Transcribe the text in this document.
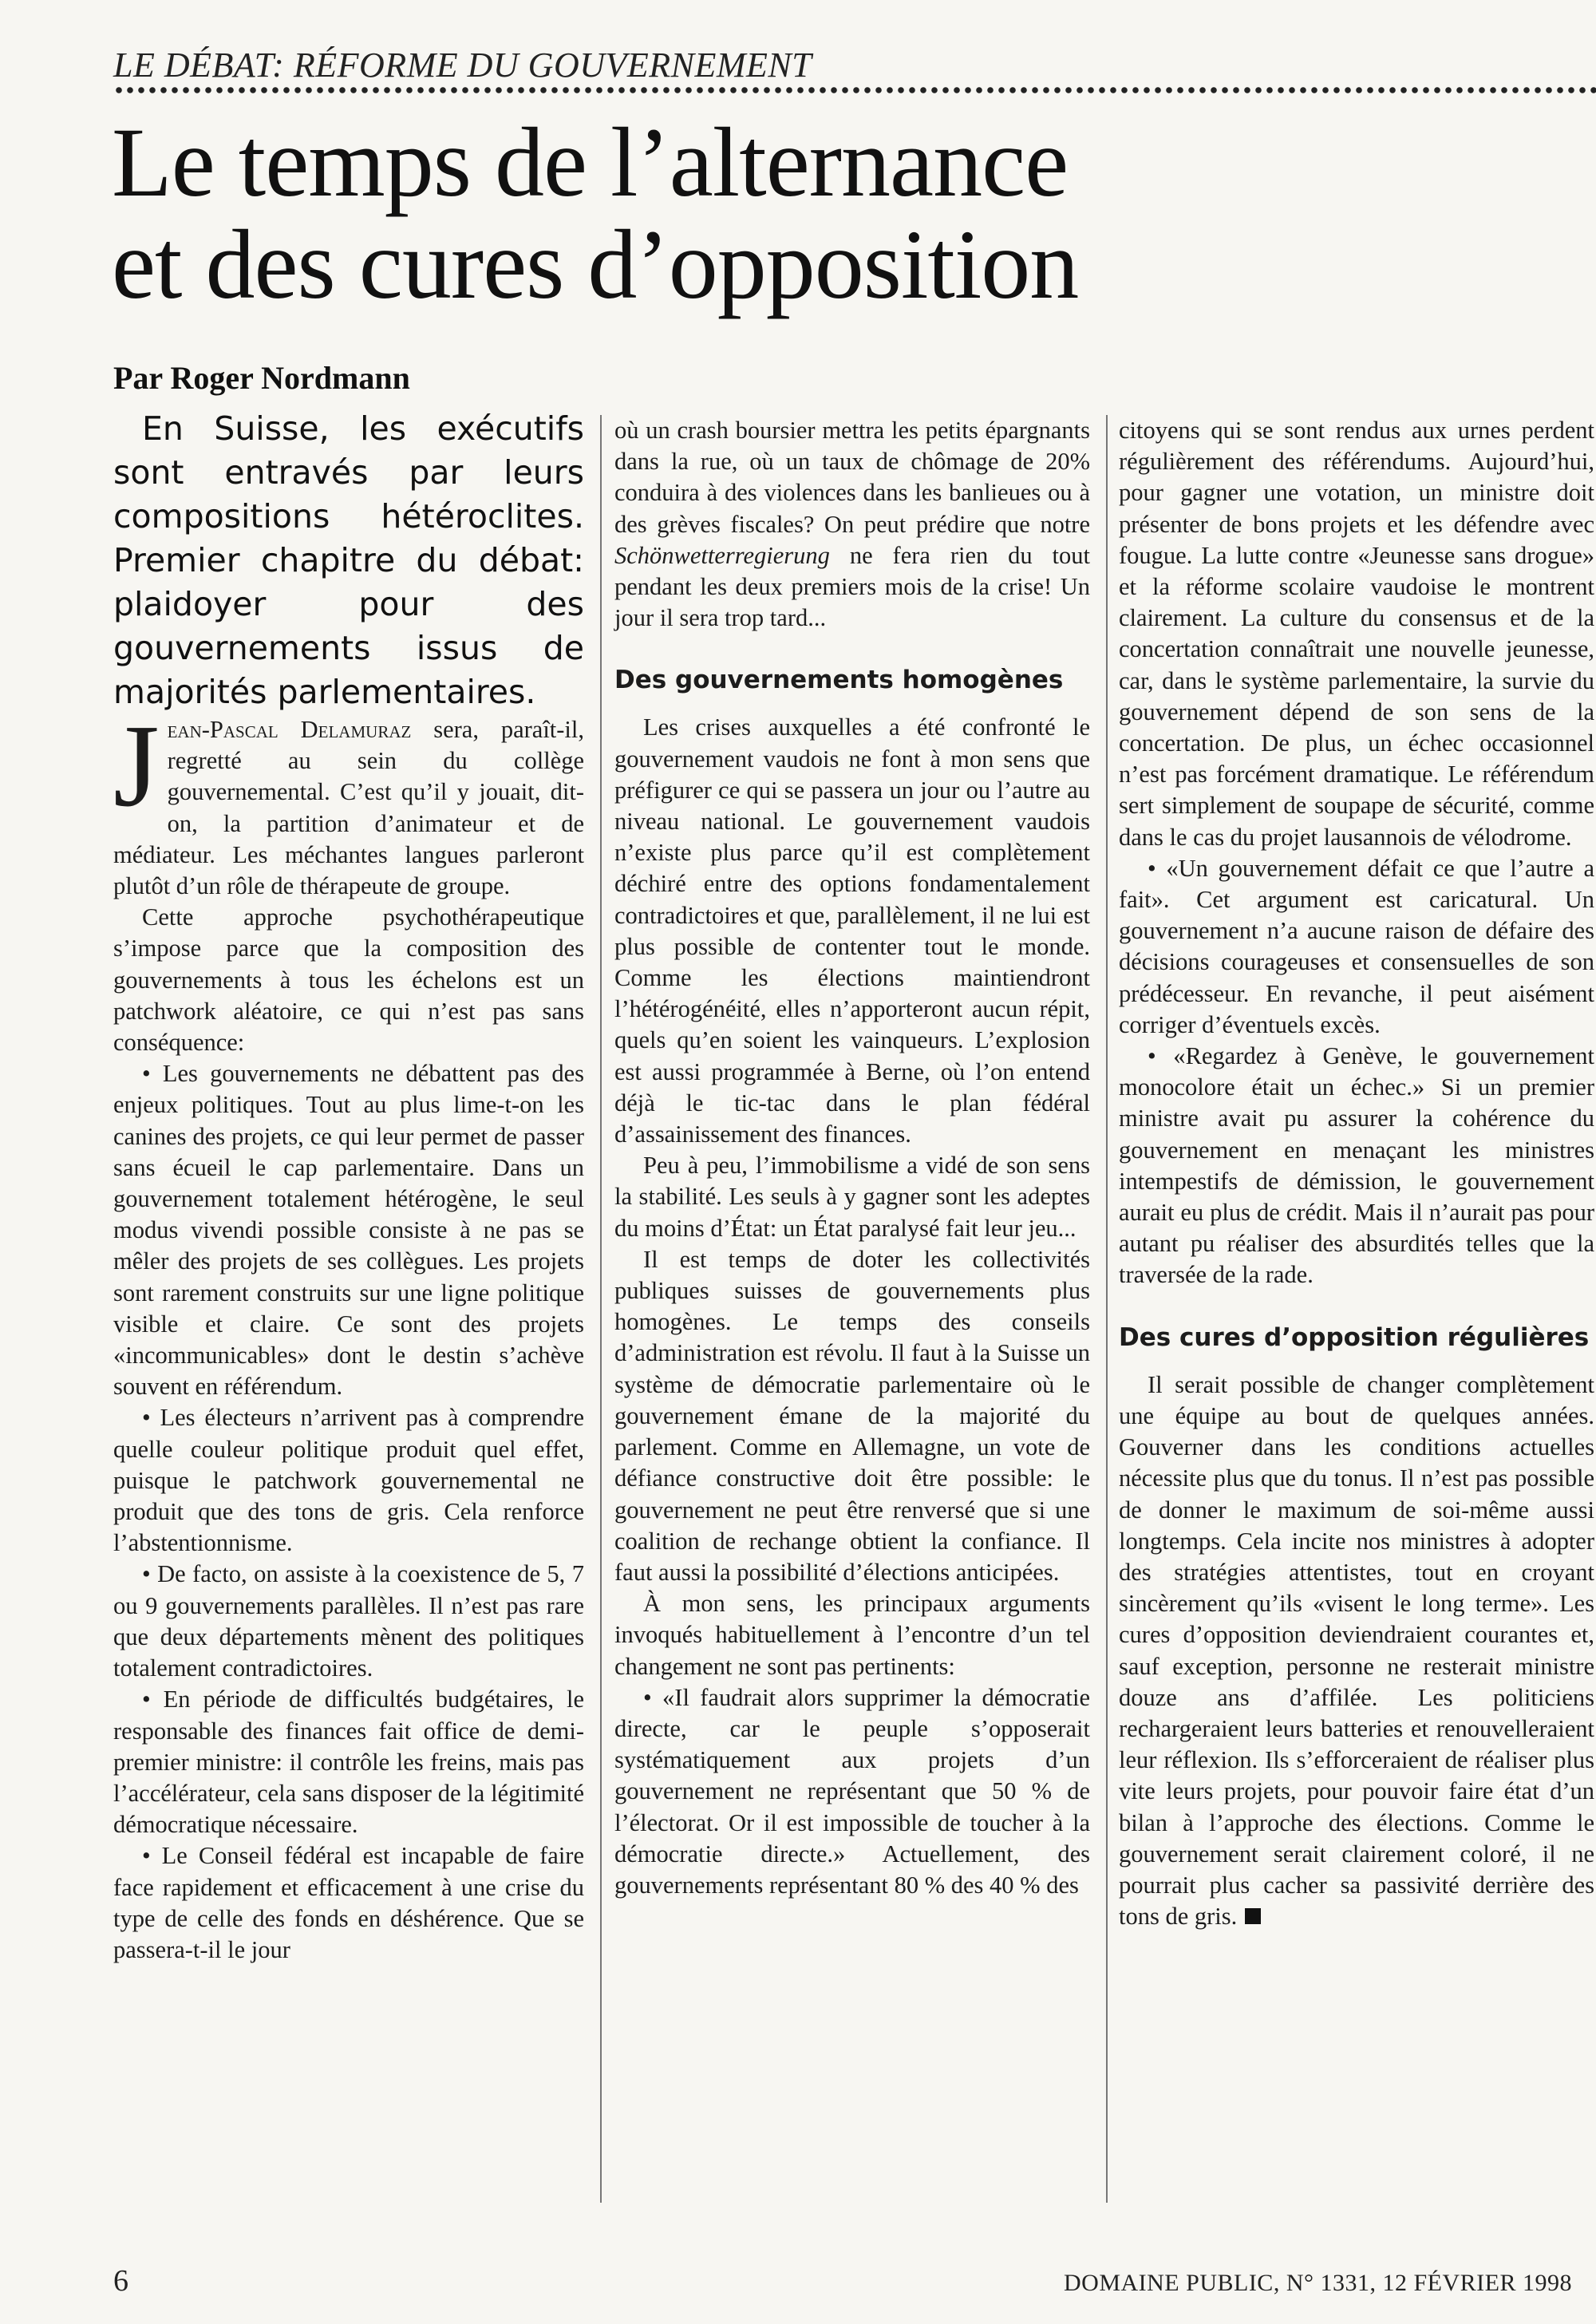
LE DÉBAT: RÉFORME DU GOUVERNEMENT
Le temps de l’alternance
et des cures d’opposition
Par Roger Nordmann

En Suisse, les exécutifs sont entravés par leurs compositions hétéroclites. Premier chapitre du débat: plaidoyer pour des gouvernements issus de majorités parlementaires.

Jean-Pascal Delamuraz sera, paraît-il, regretté au sein du collège gouvernemental. C’est qu’il y jouait, dit-on, la partition d’animateur et de médiateur. Les méchantes langues parleront plutôt d’un rôle de thérapeute de groupe.

Cette approche psychothérapeutique s’impose parce que la composition des gouvernements à tous les échelons est un patchwork aléatoire, ce qui n’est pas sans conséquence:

• Les gouvernements ne débattent pas des enjeux politiques. Tout au plus lime-t-on les canines des projets, ce qui leur permet de passer sans écueil le cap parlementaire. Dans un gouvernement totalement hétérogène, le seul modus vivendi possible consiste à ne pas se mêler des projets de ses collègues. Les projets sont rarement construits sur une ligne politique visible et claire. Ce sont des projets «incommunicables» dont le destin s’achève souvent en référendum.

• Les électeurs n’arrivent pas à comprendre quelle couleur politique produit quel effet, puisque le patchwork gouvernemental ne produit que des tons de gris. Cela renforce l’abstentionnisme.

• De facto, on assiste à la coexistence de 5, 7 ou 9 gouvernements parallèles. Il n’est pas rare que deux départements mènent des politiques totalement contradictoires.

• En période de difficultés budgétaires, le responsable des finances fait office de demi-premier ministre: il contrôle les freins, mais pas l’accélérateur, cela sans disposer de la légitimité démocratique nécessaire.

• Le Conseil fédéral est incapable de faire face rapidement et efficacement à une crise du type de celle des fonds en déshérence. Que se passera-t-il le jour

où un crash boursier mettra les petits épargnants dans la rue, où un taux de chômage de 20% conduira à des violences dans les banlieues ou à des grèves fiscales? On peut prédire que notre Schönwetterregierung ne fera rien du tout pendant les deux premiers mois de la crise! Un jour il sera trop tard...

Des gouvernements homogènes

Les crises auxquelles a été confronté le gouvernement vaudois ne font à mon sens que préfigurer ce qui se passera un jour ou l’autre au niveau national. Le gouvernement vaudois n’existe plus parce qu’il est complètement déchiré entre des options fondamentalement contradictoires et que, parallèlement, il ne lui est plus possible de contenter tout le monde. Comme les élections maintiendront l’hétérogénéité, elles n’apporteront aucun répit, quels qu’en soient les vainqueurs. L’explosion est aussi programmée à Berne, où l’on entend déjà le tic-tac dans le plan fédéral d’assainissement des finances.

Peu à peu, l’immobilisme a vidé de son sens la stabilité. Les seuls à y gagner sont les adeptes du moins d’État: un État paralysé fait leur jeu...

Il est temps de doter les collectivités publiques suisses de gouvernements plus homogènes. Le temps des conseils d’administration est révolu. Il faut à la Suisse un système de démocratie parlementaire où le gouvernement émane de la majorité du parlement. Comme en Allemagne, un vote de défiance constructive doit être possible: le gouvernement ne peut être renversé que si une coalition de rechange obtient la confiance. Il faut aussi la possibilité d’élections anticipées.

À mon sens, les principaux arguments invoqués habituellement à l’encontre d’un tel changement ne sont pas pertinents:

• «Il faudrait alors supprimer la démocratie directe, car le peuple s’opposerait systématiquement aux projets d’un gouvernement ne représentant que 50 % de l’électorat. Or il est impossible de toucher à la démocratie directe.» Actuellement, des gouvernements représentant 80 % des 40 % des

citoyens qui se sont rendus aux urnes perdent régulièrement des référendums. Aujourd’hui, pour gagner une votation, un ministre doit présenter de bons projets et les défendre avec fougue. La lutte contre «Jeunesse sans drogue» et la réforme scolaire vaudoise le montrent clairement. La culture du consensus et de la concertation connaîtrait une nouvelle jeunesse, car, dans le système parlementaire, la survie du gouvernement dépend de son sens de la concertation. De plus, un échec occasionnel n’est pas forcément dramatique. Le référendum sert simplement de soupape de sécurité, comme dans le cas du projet lausannois de vélodrome.

• «Un gouvernement défait ce que l’autre a fait». Cet argument est caricatural. Un gouvernement n’a aucune raison de défaire des décisions courageuses et consensuelles de son prédécesseur. En revanche, il peut aisément corriger d’éventuels excès.

• «Regardez à Genève, le gouvernement monocolore était un échec.» Si un premier ministre avait pu assurer la cohérence du gouvernement en menaçant les ministres intempestifs de démission, le gouvernement aurait eu plus de crédit. Mais il n’aurait pas pour autant pu réaliser des absurdités telles que la traversée de la rade.

Des cures d’opposition régulières

Il serait possible de changer complètement une équipe au bout de quelques années. Gouverner dans les conditions actuelles nécessite plus que du tonus. Il n’est pas possible de donner le maximum de soi-même aussi longtemps. Cela incite nos ministres à adopter des stratégies attentistes, tout en croyant sincèrement qu’ils «visent le long terme». Les cures d’opposition deviendraient courantes et, sauf exception, personne ne resterait ministre douze ans d’affilée. Les politiciens rechargeraient leurs batteries et renouvelleraient leur réflexion. Ils s’efforceraient de réaliser plus vite leurs projets, pour pouvoir faire état d’un bilan à l’approche des élections. Comme le gouvernement serait clairement coloré, il ne pourrait plus cacher sa passivité derrière des tons de gris.

6	DOMAINE PUBLIC, N° 1331, 12 FÉVRIER 1998
